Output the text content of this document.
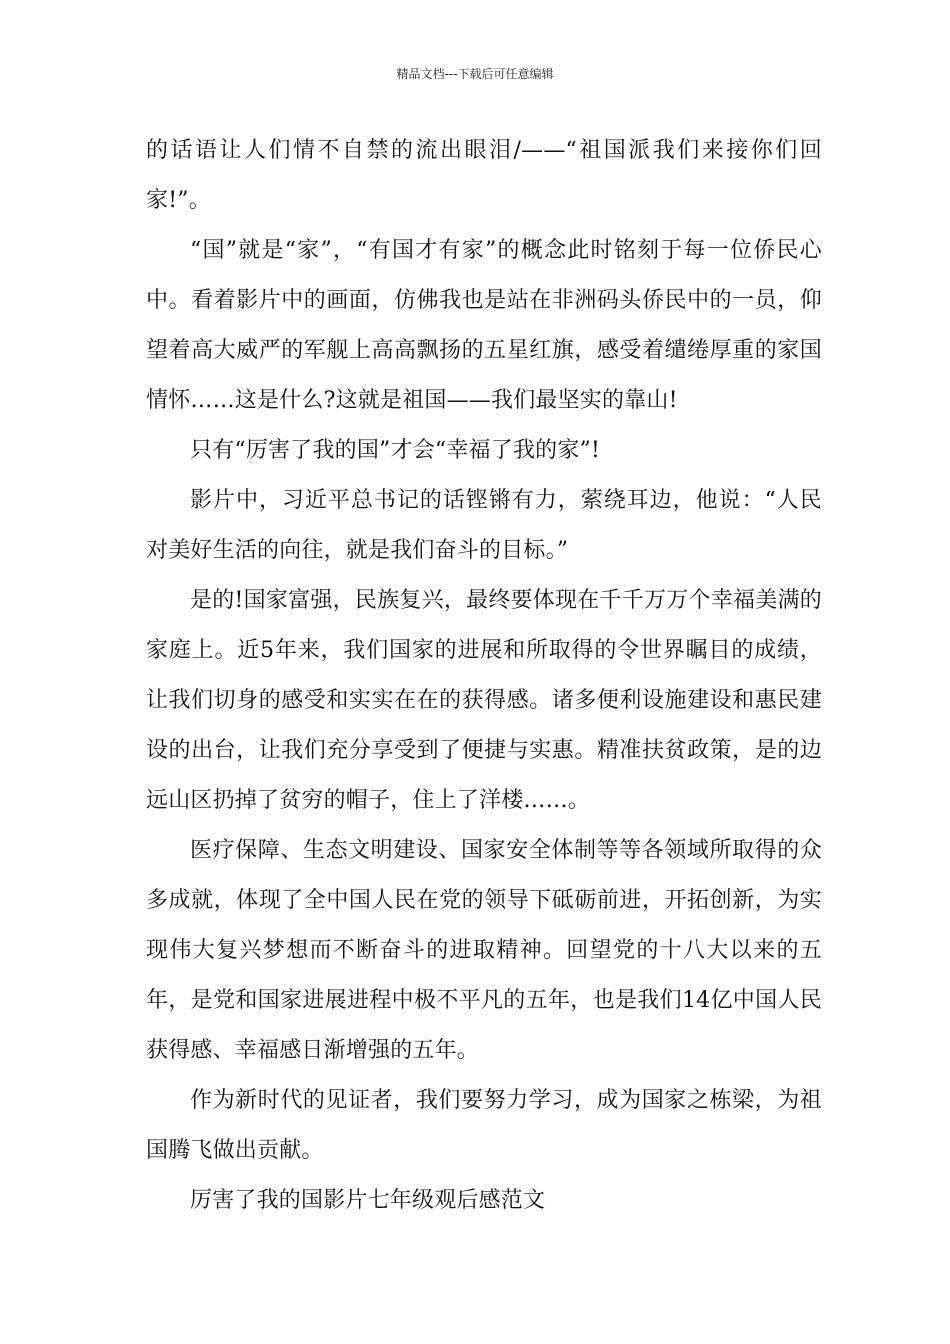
精品文档---下载后可任意编辑

的话语让人们情不自禁的流出眼泪/——“祖国派我们来接你们回家!”。

“国”就是“家”，“有国才有家”的概念此时铭刻于每一位侨民心中。看着影片中的画面，仿佛我也是站在非洲码头侨民中的一员，仰望着高大威严的军舰上高高飘扬的五星红旗，感受着缱绻厚重的家国情怀……这是什么?这就是祖国——我们最坚实的靠山!

只有“厉害了我的国”才会“幸福了我的家”!

影片中，习近平总书记的话铿锵有力，萦绕耳边，他说：“人民对美好生活的向往，就是我们奋斗的目标。”

是的!国家富强，民族复兴，最终要体现在千千万万个幸福美满的家庭上。近5年来，我们国家的进展和所取得的令世界瞩目的成绩，让我们切身的感受和实实在在的获得感。诸多便利设施建设和惠民建设的出台，让我们充分享受到了便捷与实惠。精准扶贫政策，是的边远山区扔掉了贫穷的帽子，住上了洋楼……。

医疗保障、生态文明建设、国家安全体制等等各领域所取得的众多成就，体现了全中国人民在党的领导下砥砺前进，开拓创新，为实现伟大复兴梦想而不断奋斗的进取精神。回望党的十八大以来的五年，是党和国家进展进程中极不平凡的五年，也是我们14亿中国人民获得感、幸福感日渐增强的五年。

作为新时代的见证者，我们要努力学习，成为国家之栋梁，为祖国腾飞做出贡献。

厉害了我的国影片七年级观后感范文
